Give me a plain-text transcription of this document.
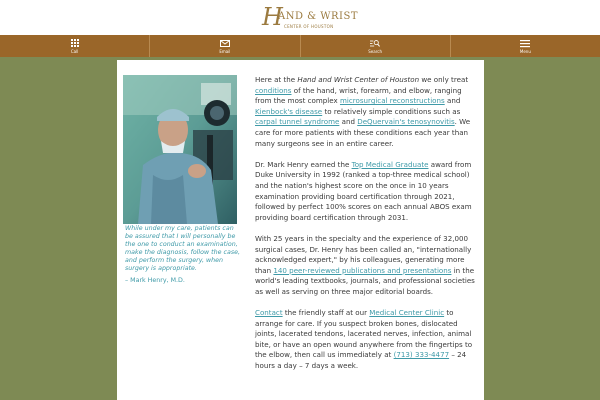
H
AND & WRIST
CENTER OF HOUSTON
Call	Email	Search	Menu
While under my care, patients can be assured that I will personally be the one to conduct an examination, make the diagnosis, follow the case, and perform the surgery, when surgery is appropriate.
– Mark Henry, M.D.

Here at the Hand and Wrist Center of Houston we only treat conditions of the hand, wrist, forearm, and elbow, ranging from the most complex microsurgical reconstructions and Kienbock's disease to relatively simple conditions such as carpal tunnel syndrome and DeQuervain's tenosynovitis. We care for more patients with these conditions each year than many surgeons see in an entire career.

Dr. Mark Henry earned the Top Medical Graduate award from Duke University in 1992 (ranked a top-three medical school) and the nation's highest score on the once in 10 years examination providing board certification through 2021, followed by perfect 100% scores on each annual ABOS exam providing board certification through 2031.

With 25 years in the specialty and the experience of 32,000 surgical cases, Dr. Henry has been called an, "internationally acknowledged expert," by his colleagues, generating more than 140 peer-reviewed publications and presentations in the world's leading textbooks, journals, and professional societies as well as serving on three major editorial boards.

Contact the friendly staff at our Medical Center Clinic to arrange for care. If you suspect broken bones, dislocated joints, lacerated tendons, lacerated nerves, infection, animal bite, or have an open wound anywhere from the fingertips to the elbow, then call us immediately at (713) 333-4477 – 24 hours a day – 7 days a week.
